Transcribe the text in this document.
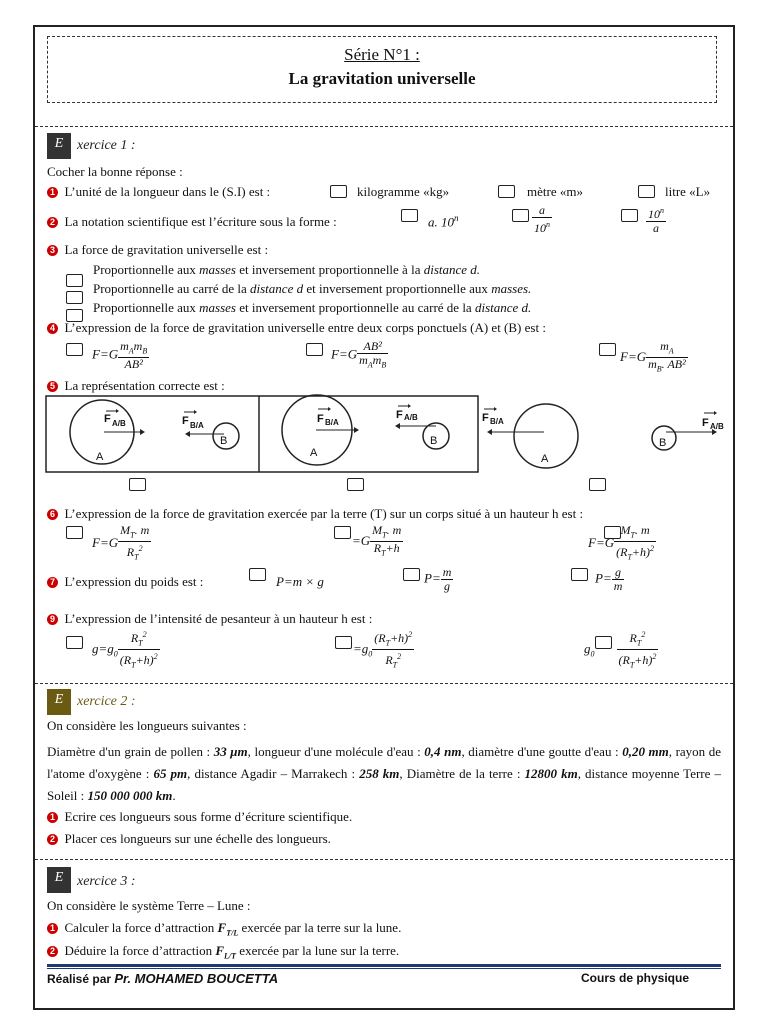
Série N°1 :
La gravitation universelle
E xercice 1 :
Cocher la bonne réponse :
1 L’unité de la longueur dans le (S.I) est :	kilogramme «kg»	mètre «m»	litre «L»
2 La notation scientifique est l’écriture sous la forme :	a. 10$^n$	$\frac{a}{10^n}$	$\frac{10^n}{a}$
3 La force de gravitation universelle est :
Proportionnelle aux masses et inversement proportionnelle à la distance d.
Proportionnelle au carré de la distance d et inversement proportionnelle aux masses.
Proportionnelle aux masses et inversement proportionnelle au carré de la distance d.
4 L’expression de la force de gravitation universelle entre deux corps ponctuels (A) et (B) est :
$F=G \frac{m_Am_B}{\text{AB²}}$	$F=G \frac{\text{AB²}}{m_Am_B}$	$F=G \frac{m_A}{m_B. AB^2}$
5 La représentation correcte est :
F A/B	F B/A
A
B
F B/A
F A/B
A
B
F B/A	F A/B
A
B
6 L’expression de la force de gravitation exercée par la terre (T) sur un corps situé à un hauteur h est :
$F=G \frac{M_T. m}{R_T^2}$	$=G \frac{M_T. m}{R_T+h}$	$F=G \frac{M_T. m}{(R_T+h)^2}$
7 L’expression du poids est :	P=m × g	$P= \frac{m}{g}$	$P= \frac{g}{m}$
9 L’expression de l’intensité de pesanteur à un hauteur h est :
$g=g_0 \frac{R_T^2}{(R_T+h)^2}$	$=g_0 \frac{(R_T+h)^2}{R_T^2}$	$g_0 \frac{R_T^2}{(R_T+h)^2}$
E xercice 2 :
On considère les longueurs suivantes :
Diamètre d'un grain de pollen : 33 μm, longueur d'une molécule d'eau : 0,4 nm, diamètre d'une goutte d'eau : 0,20 mm, rayon de l'atome d'oxygène : 65 pm, distance Agadir – Marrakech : 258 km, Diamètre de la terre : 12800 km, distance moyenne Terre – Soleil : 150 000 000 km.
1 Ecrire ces longueurs sous forme d’écriture scientifique.
2 Placer ces longueurs sur une échelle des longueurs.
E xercice 3 :
On considère le système Terre – Lune :
1 Calculer la force d’attraction $F_{T/L}$ exercée par la terre sur la lune.
2 Déduire la force d’attraction $F_{L/T}$ exercée par la lune sur la terre.
Réalisé par Pr. MOHAMED BOUCETTA	Cours de physique
